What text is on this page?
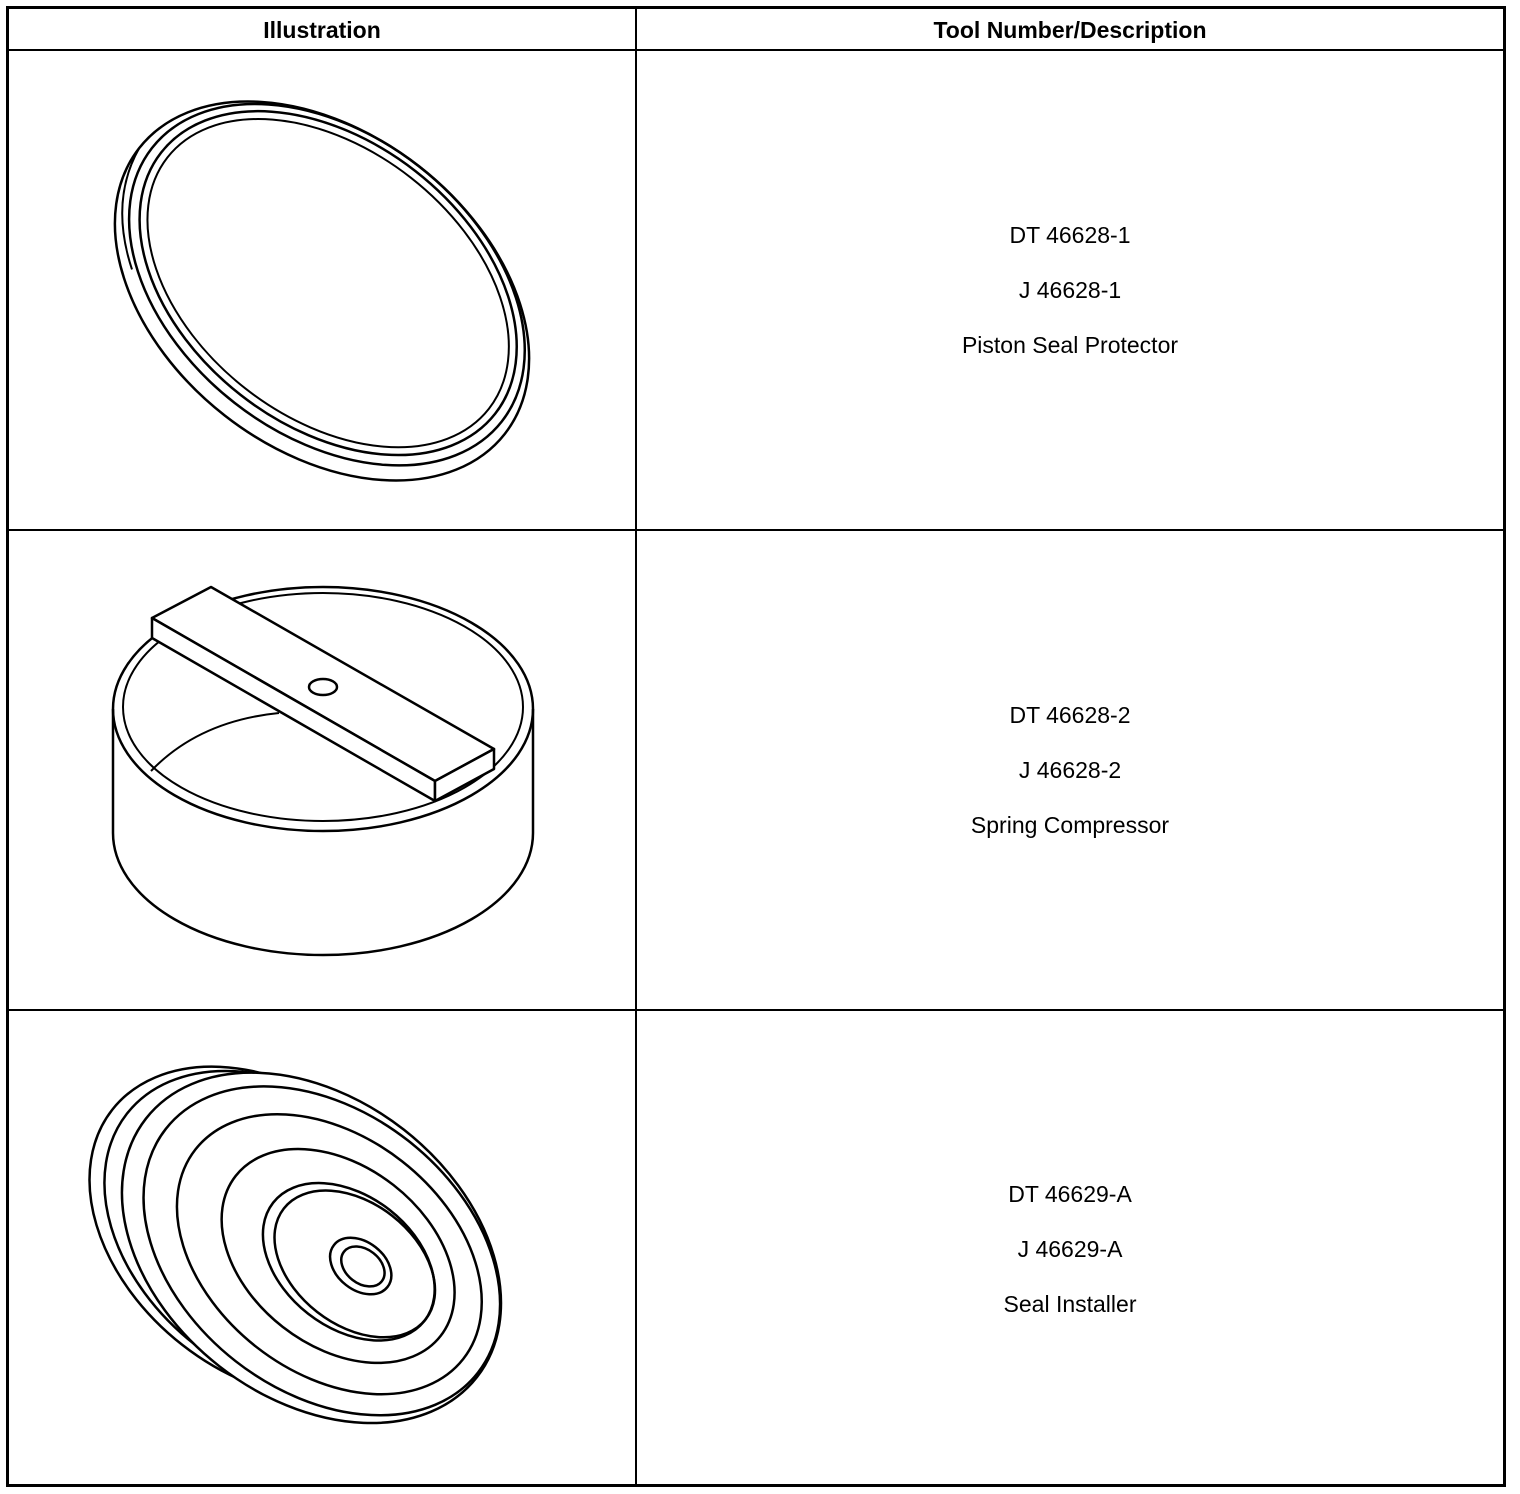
Illustration	Tool Number/Description

DT 46628-1

J 46628-1

Piston Seal Protector

DT 46628-2

J 46628-2

Spring Compressor

DT 46629-A

J 46629-A

Seal Installer
